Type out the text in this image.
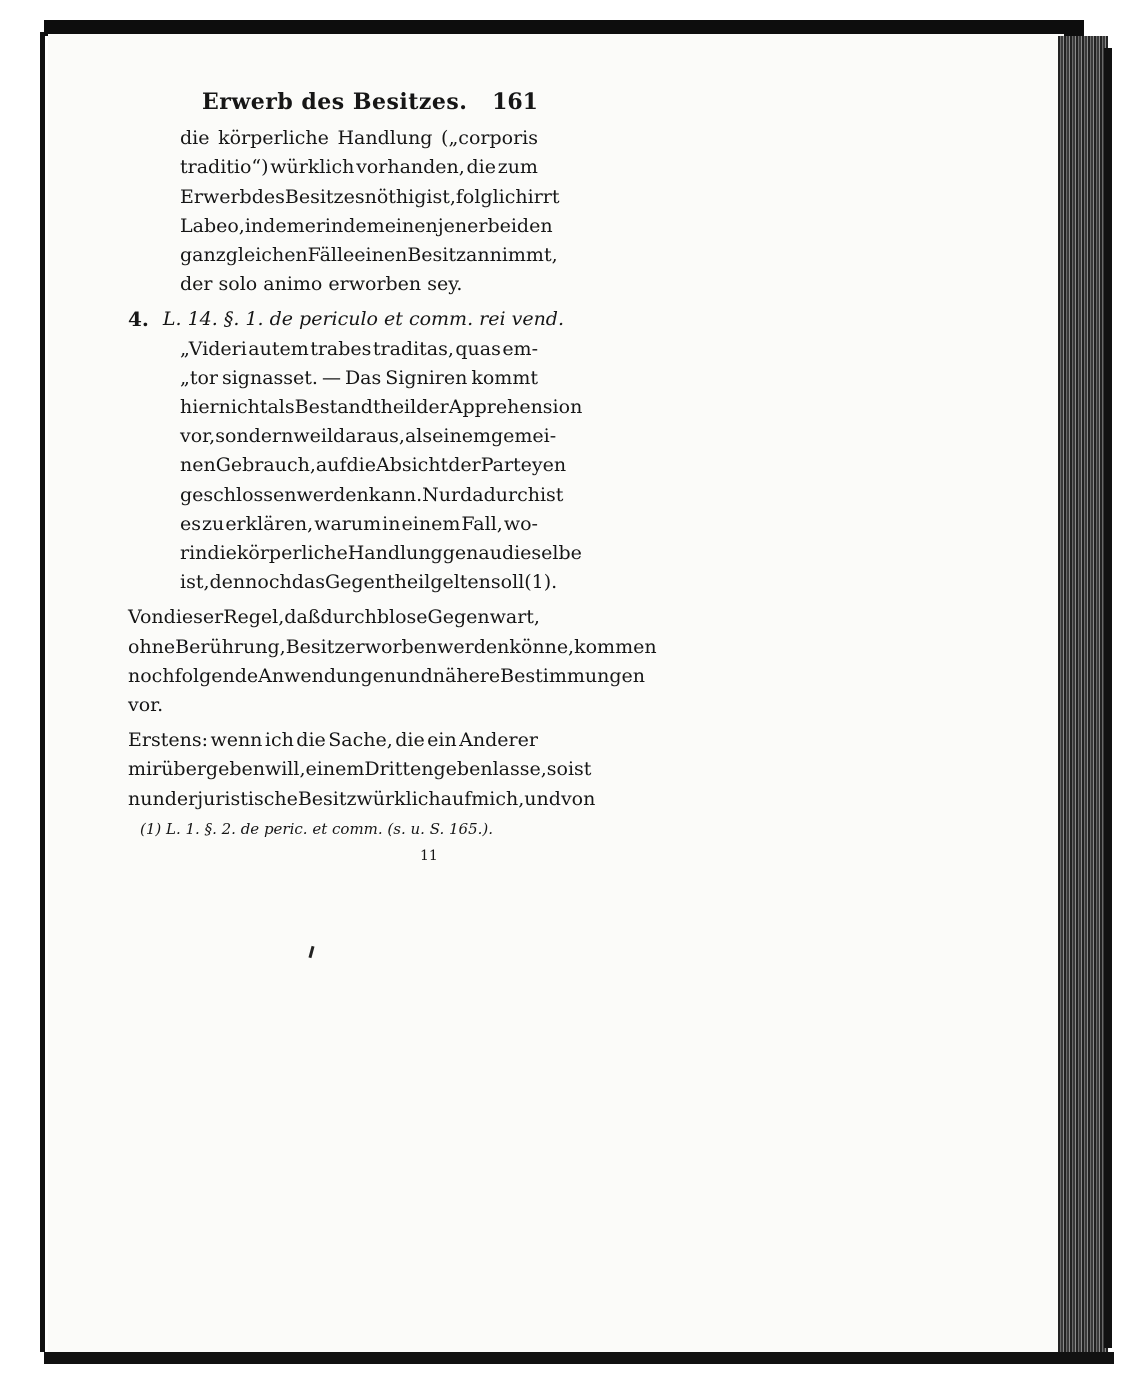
Erwerb des Besitzes. 161
die körperliche Handlung („corporis
traditio“) würklich vorhanden, die zum
Erwerb des Besitzes nöthig ist, folglich irrt
Labeo, indem er in dem einen jener beiden
ganz gleichen Fälle einen Besitz annimmt,
der solo animo erworben sey.
4. L. 14. §. 1. de periculo et comm. rei vend.
„Videri autem trabes traditas, quas em-
„tor signasset. — Das Signiren kommt
hier nicht als Bestandtheil der Apprehension
vor, sondern weil daraus, als einem gemei-
nen Gebrauch, auf die Absicht der Parteyen
geschlossen werden kann. Nur dadurch ist
es zu erklären, warum in einem Fall, wo-
rin die körperliche Handlung genau dieselbe
ist, dennoch das Gegentheil gelten soll (1).
Von dieser Regel, daß durch blose Gegenwart,
ohne Berührung, Besitz erworben werden könne, kommen
noch folgende Anwendungen und nähere Bestimmungen
vor.
Erstens: wenn ich die Sache, die ein Anderer
mir übergeben will, einem Dritten geben lasse, so ist
nun der juristische Besitz würklich auf mich, und von
(1) L. 1. §. 2. de peric. et comm. (s. u. S. 165.).
11
